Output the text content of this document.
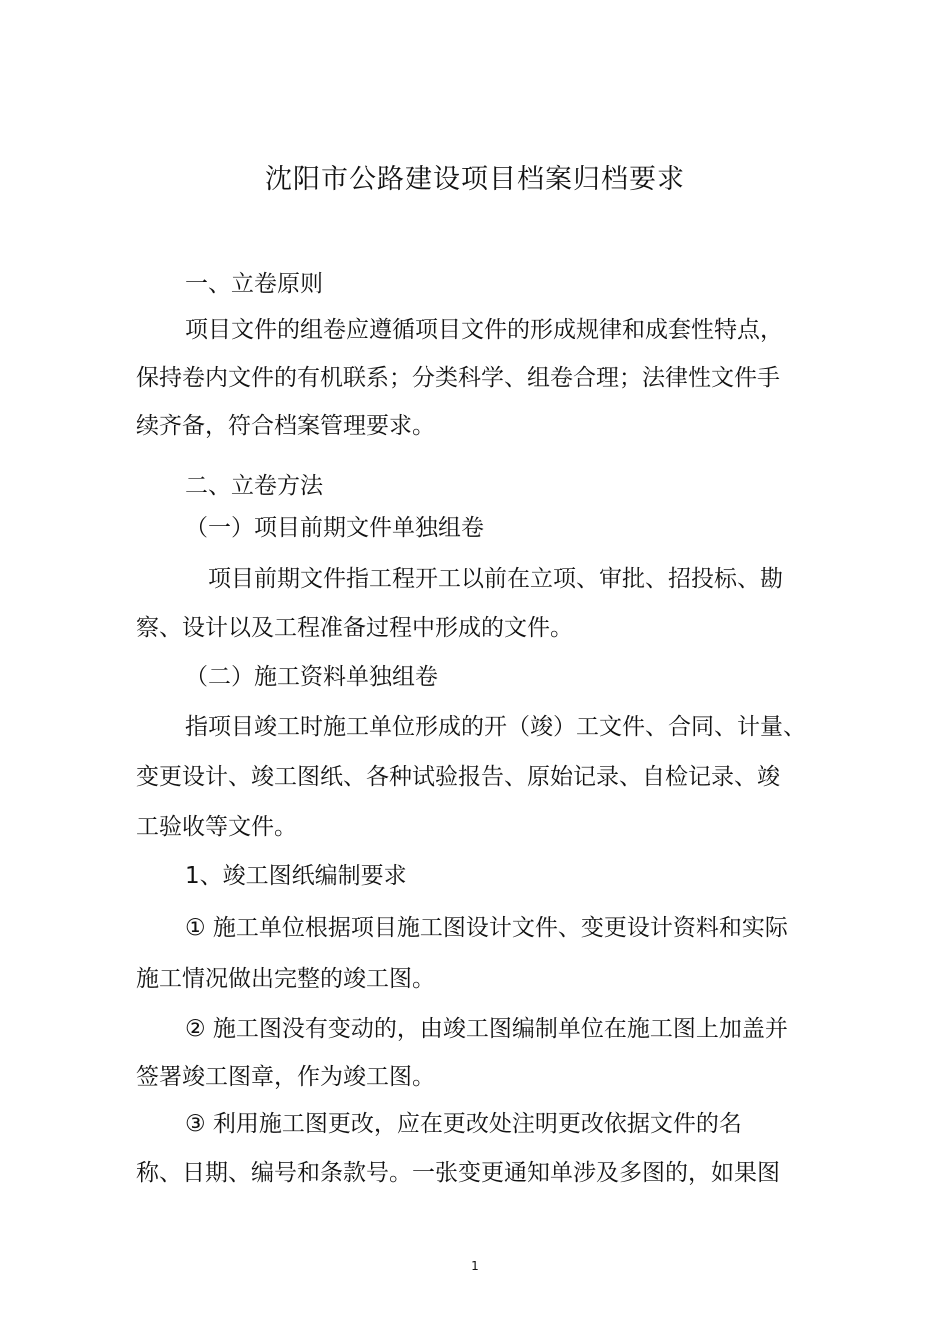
沈阳市公路建设项目档案归档要求
一、立卷原则
项目文件的组卷应遵循项目文件的形成规律和成套性特点，
保持卷内文件的有机联系；分类科学、组卷合理；法律性文件手
续齐备，符合档案管理要求。
二、立卷方法
（一）项目前期文件单独组卷
项目前期文件指工程开工以前在立项、审批、招投标、勘
察、设计以及工程准备过程中形成的文件。
（二）施工资料单独组卷
指项目竣工时施工单位形成的开（竣）工文件、合同、计量、
变更设计、竣工图纸、各种试验报告、原始记录、自检记录、竣
工验收等文件。
1、竣工图纸编制要求
① 施工单位根据项目施工图设计文件、变更设计资料和实际
施工情况做出完整的竣工图。
② 施工图没有变动的，由竣工图编制单位在施工图上加盖并
签署竣工图章，作为竣工图。
③ 利用施工图更改，应在更改处注明更改依据文件的名
称、日期、编号和条款号。一张变更通知单涉及多图的，如果图
1
